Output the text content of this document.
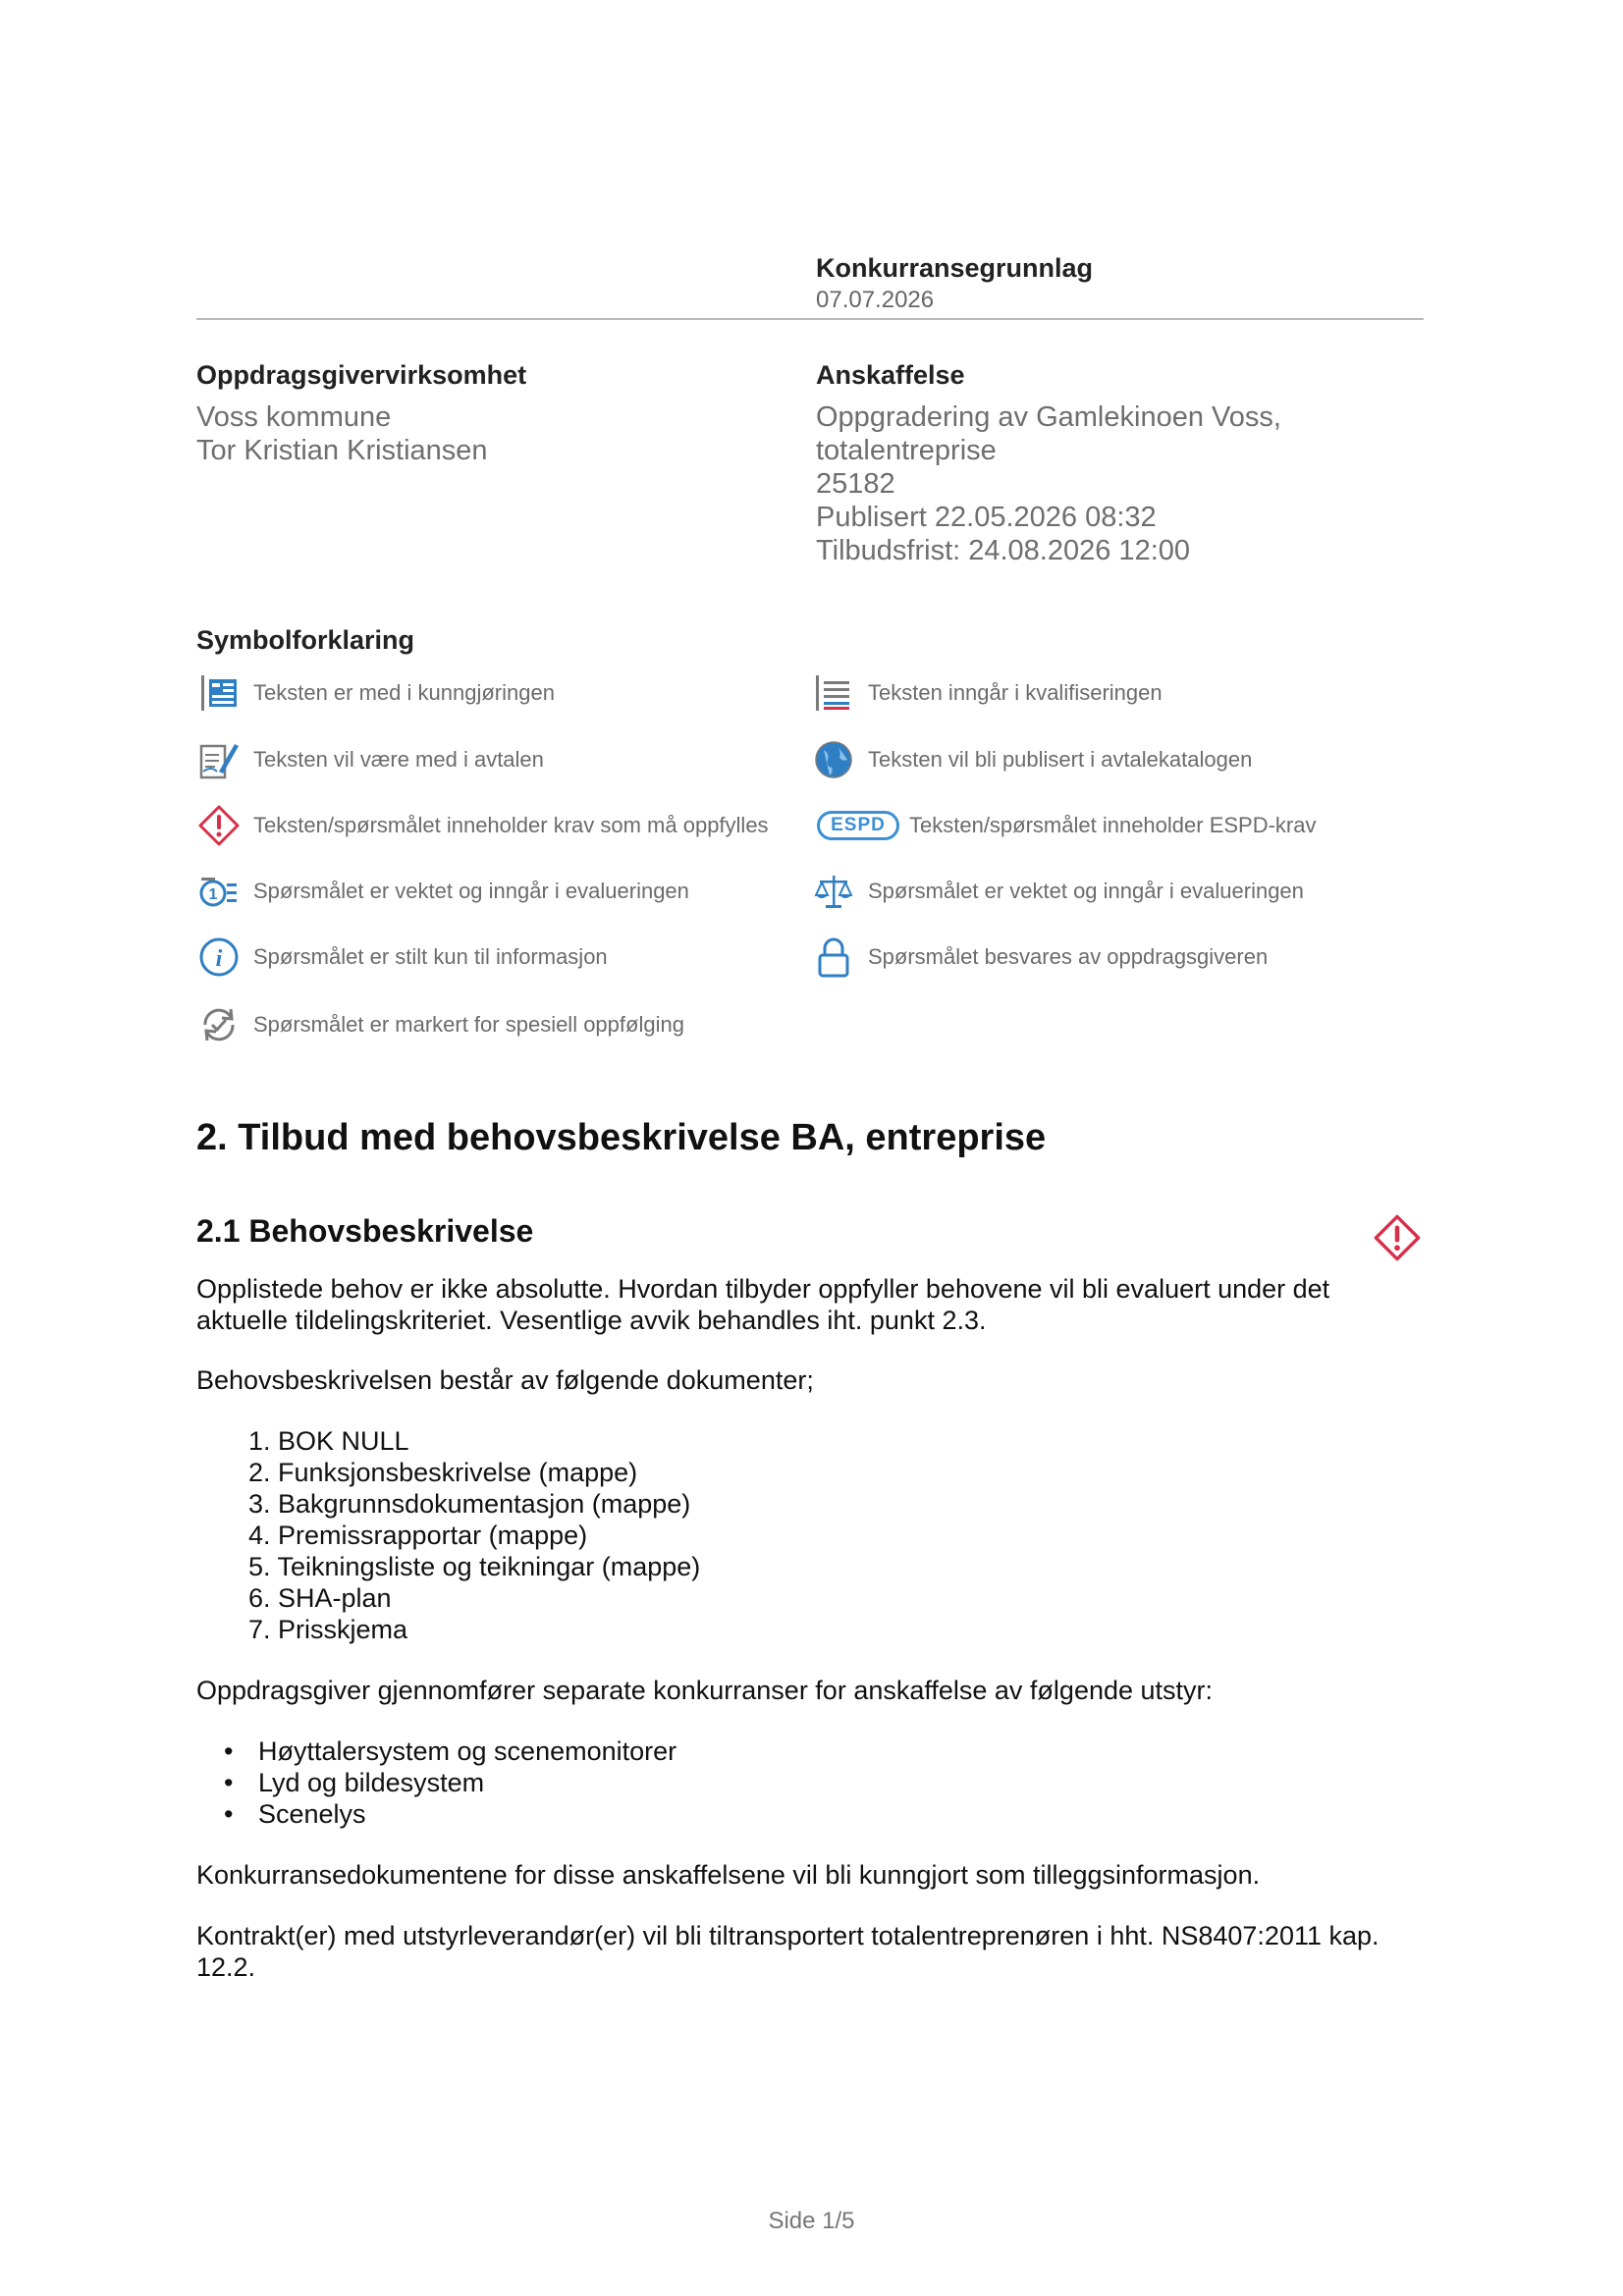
Konkurransegrunnlag
07.07.2026
Oppdragsgivervirksomhet
Voss kommune
Tor Kristian Kristiansen
Anskaffelse
Oppgradering av Gamlekinoen Voss,
totalentreprise
25182
Publisert 22.05.2026 08:32
Tilbudsfrist: 24.08.2026 12:00
Symbolforklaring
Teksten er med i kunngjøringen	Teksten inngår i kvalifiseringen
Teksten vil være med i avtalen	Teksten vil bli publisert i avtalekatalogen
Teksten/spørsmålet inneholder krav som må oppfylles	ESPD	Teksten/spørsmålet inneholder ESPD-krav
1 Spørsmålet er vektet og inngår i evalueringen	Spørsmålet er vektet og inngår i evalueringen
i Spørsmålet er stilt kun til informasjon	Spørsmålet besvares av oppdragsgiveren
Spørsmålet er markert for spesiell oppfølging
2. Tilbud med behovsbeskrivelse BA, entreprise
2.1 Behovsbeskrivelse
Opplistede behov er ikke absolutte. Hvordan tilbyder oppfyller behovene vil bli evaluert under det aktuelle tildelingskriteriet. Vesentlige avvik behandles iht. punkt 2.3.
Behovsbeskrivelsen består av følgende dokumenter;
1. BOK NULL
2. Funksjonsbeskrivelse (mappe)
3. Bakgrunnsdokumentasjon (mappe)
4. Premissrapportar (mappe)
5. Teikningsliste og teikningar (mappe)
6. SHA-plan
7. Prisskjema
Oppdragsgiver gjennomfører separate konkurranser for anskaffelse av følgende utstyr:
• Høyttalersystem og scenemonitorer
• Lyd og bildesystem
• Scenelys
Konkurransedokumentene for disse anskaffelsene vil bli kunngjort som tilleggsinformasjon.
Kontrakt(er) med utstyrleverandør(er) vil bli tiltransportert totalentreprenøren i hht. NS8407:2011 kap. 12.2.
Side 1/5
